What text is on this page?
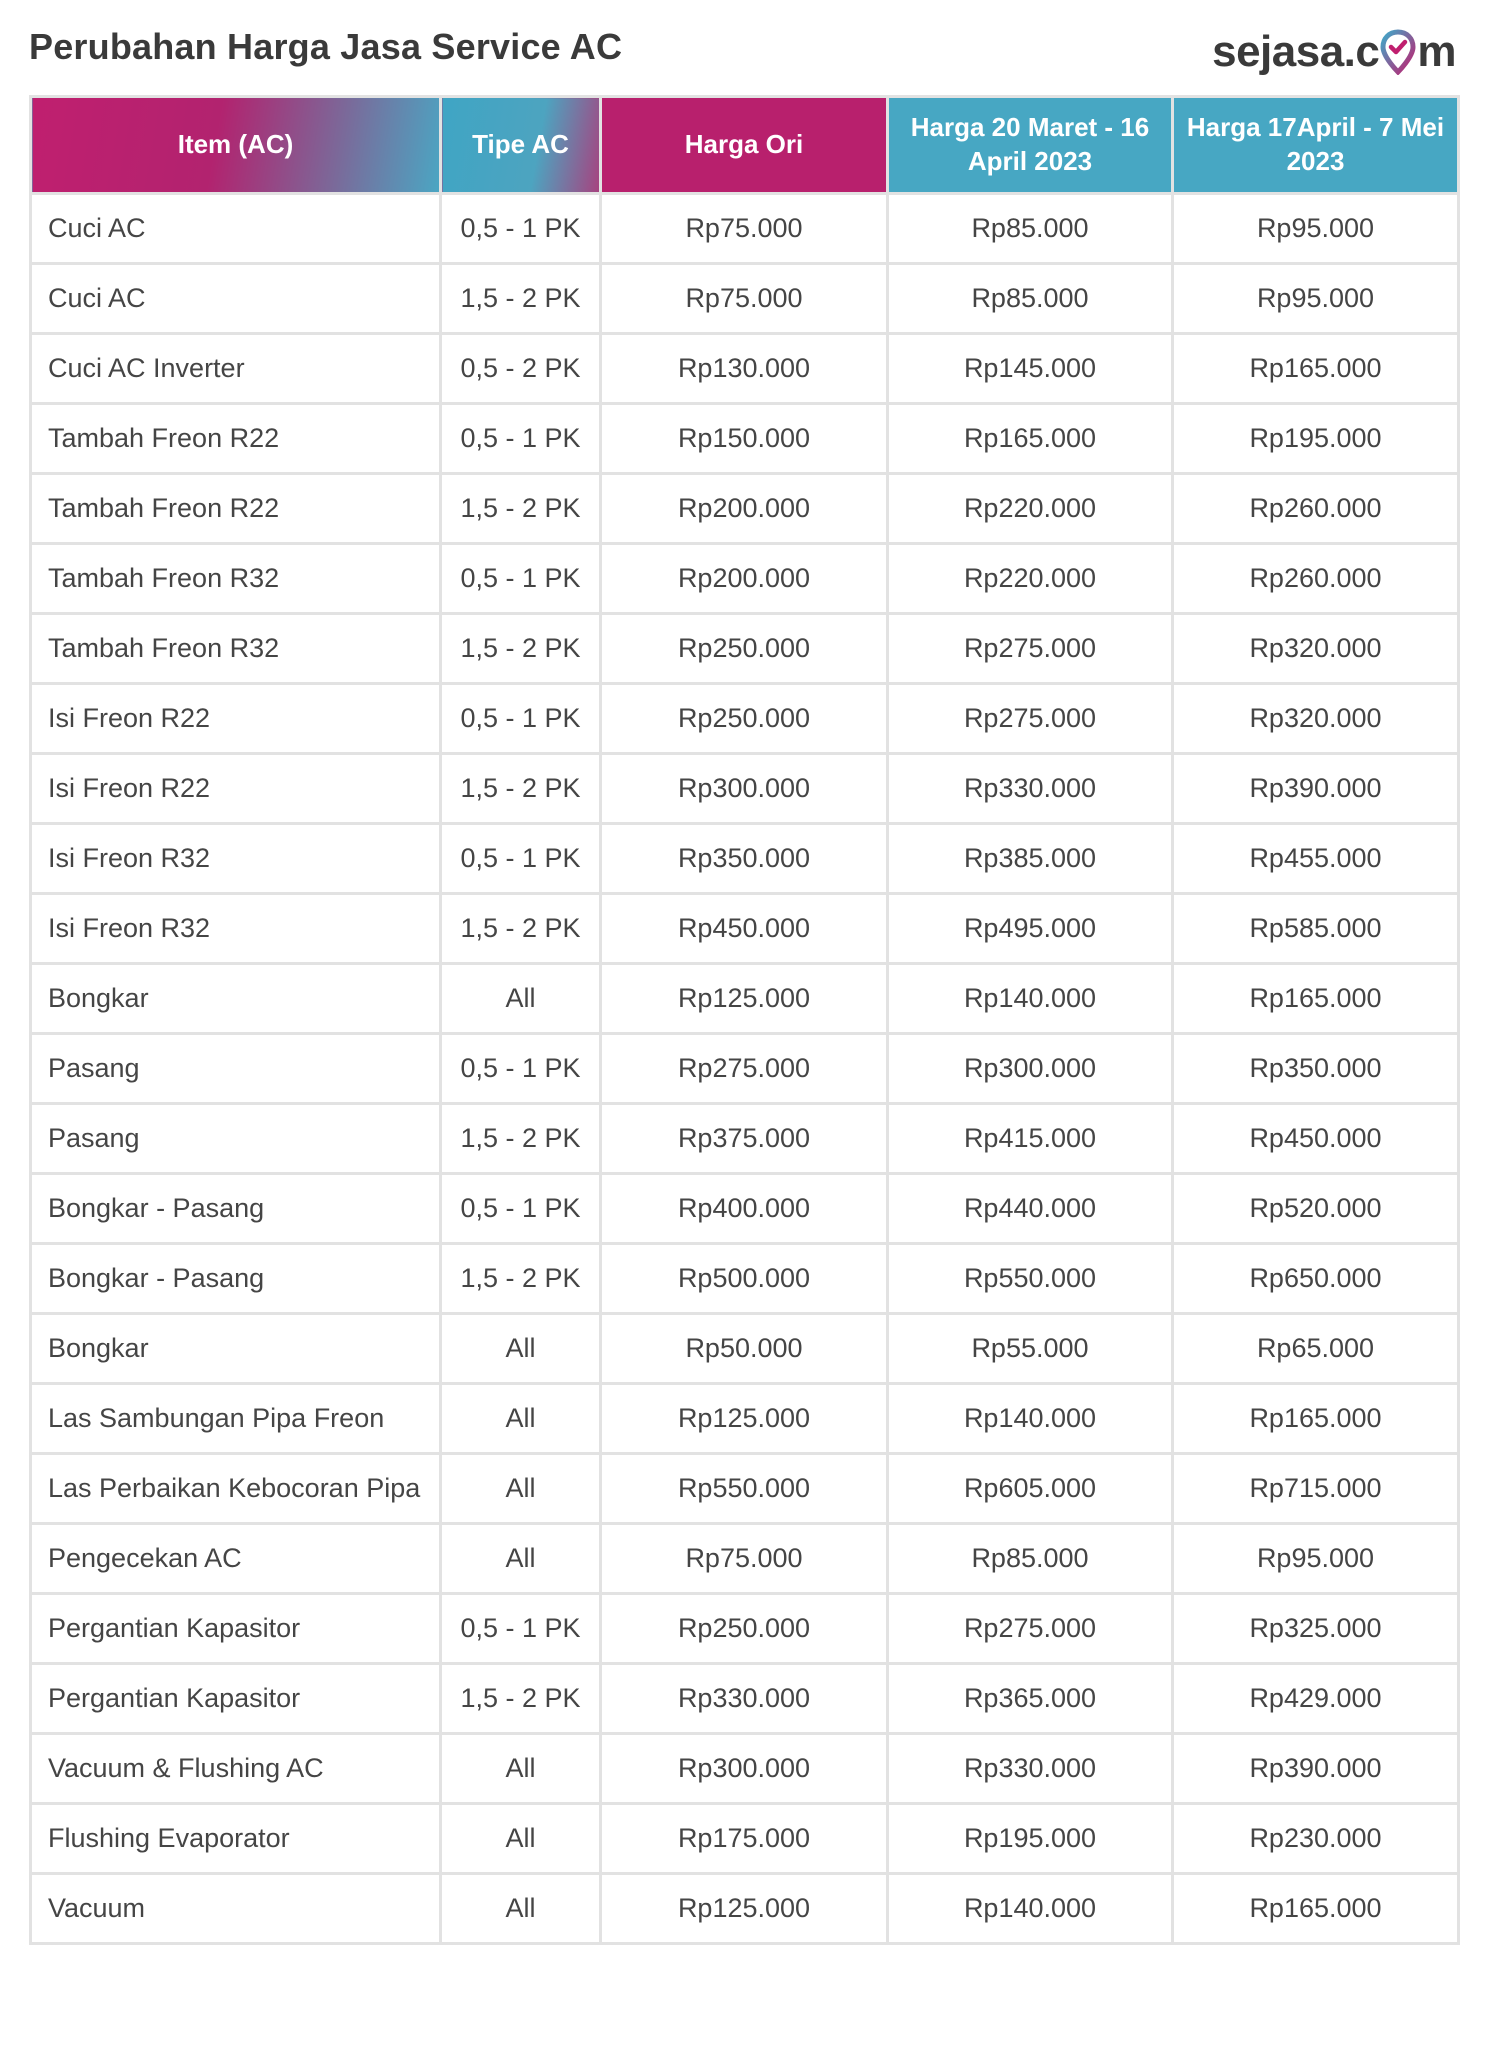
Perubahan Harga Jasa Service AC	sejasa.c m
Item (AC)	Tipe AC	Harga Ori	Harga 20 Maret - 16 April 2023	Harga 17April - 7 Mei 2023
Cuci AC	0,5 - 1 PK	Rp75.000	Rp85.000	Rp95.000
Cuci AC	1,5 - 2 PK	Rp75.000	Rp85.000	Rp95.000
Cuci AC Inverter	0,5 - 2 PK	Rp130.000	Rp145.000	Rp165.000
Tambah Freon R22	0,5 - 1 PK	Rp150.000	Rp165.000	Rp195.000
Tambah Freon R22	1,5 - 2 PK	Rp200.000	Rp220.000	Rp260.000
Tambah Freon R32	0,5 - 1 PK	Rp200.000	Rp220.000	Rp260.000
Tambah Freon R32	1,5 - 2 PK	Rp250.000	Rp275.000	Rp320.000
Isi Freon R22	0,5 - 1 PK	Rp250.000	Rp275.000	Rp320.000
Isi Freon R22	1,5 - 2 PK	Rp300.000	Rp330.000	Rp390.000
Isi Freon R32	0,5 - 1 PK	Rp350.000	Rp385.000	Rp455.000
Isi Freon R32	1,5 - 2 PK	Rp450.000	Rp495.000	Rp585.000
Bongkar	All	Rp125.000	Rp140.000	Rp165.000
Pasang	0,5 - 1 PK	Rp275.000	Rp300.000	Rp350.000
Pasang	1,5 - 2 PK	Rp375.000	Rp415.000	Rp450.000
Bongkar - Pasang	0,5 - 1 PK	Rp400.000	Rp440.000	Rp520.000
Bongkar - Pasang	1,5 - 2 PK	Rp500.000	Rp550.000	Rp650.000
Bongkar	All	Rp50.000	Rp55.000	Rp65.000
Las Sambungan Pipa Freon	All	Rp125.000	Rp140.000	Rp165.000
Las Perbaikan Kebocoran Pipa	All	Rp550.000	Rp605.000	Rp715.000
Pengecekan AC	All	Rp75.000	Rp85.000	Rp95.000
Pergantian Kapasitor	0,5 - 1 PK	Rp250.000	Rp275.000	Rp325.000
Pergantian Kapasitor	1,5 - 2 PK	Rp330.000	Rp365.000	Rp429.000
Vacuum & Flushing AC	All	Rp300.000	Rp330.000	Rp390.000
Flushing Evaporator	All	Rp175.000	Rp195.000	Rp230.000
Vacuum	All	Rp125.000	Rp140.000	Rp165.000
